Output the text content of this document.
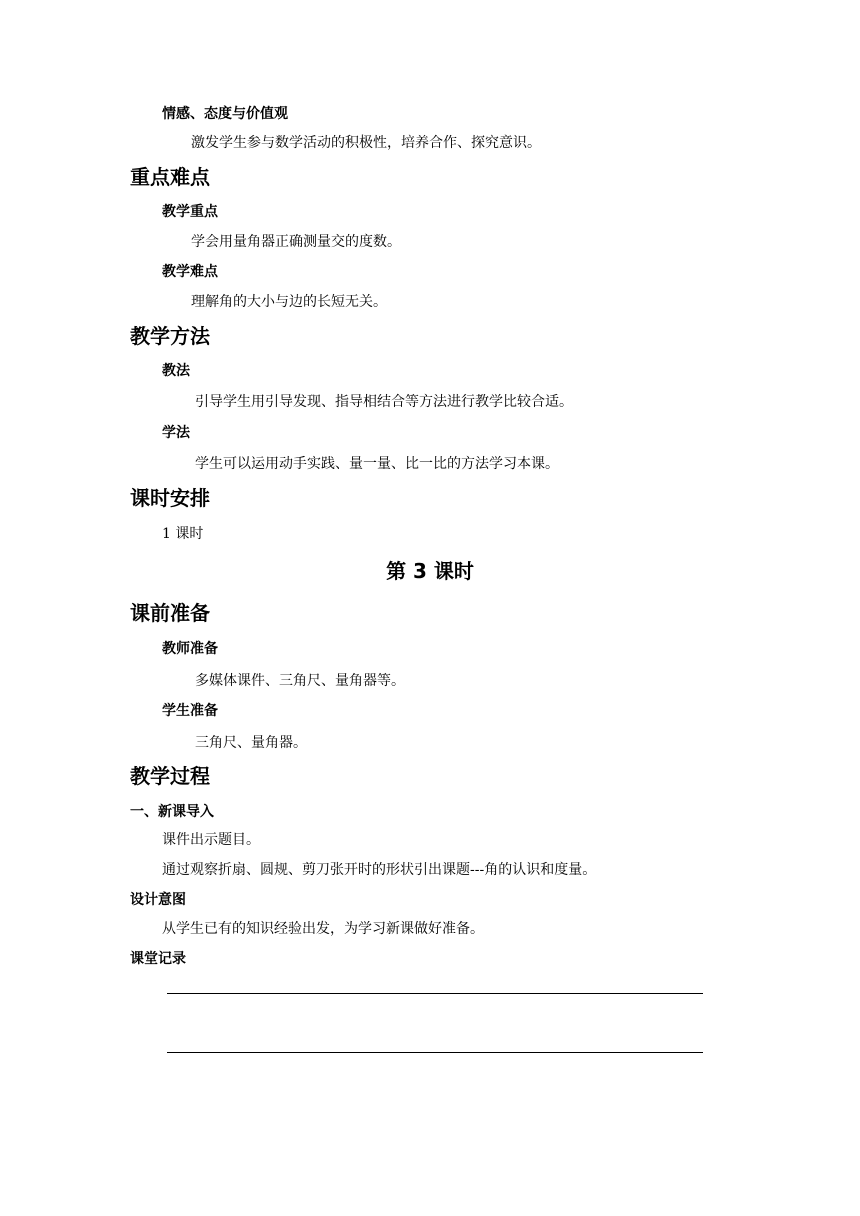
情感、态度与价值观
激发学生参与数学活动的积极性，培养合作、探究意识。
重点难点
教学重点
学会用量角器正确测量交的度数。
教学难点
理解角的大小与边的长短无关。
教学方法
教法
引导学生用引导发现、指导相结合等方法进行教学比较合适。
学法
学生可以运用动手实践、量一量、比一比的方法学习本课。
课时安排
1 课时
第 3 课时
课前准备
教师准备
多媒体课件、三角尺、量角器等。
学生准备
三角尺、量角器。
教学过程
一、新课导入
课件出示题目。
通过观察折扇、圆规、剪刀张开时的形状引出课题---角的认识和度量。
设计意图
从学生已有的知识经验出发，为学习新课做好准备。
课堂记录
